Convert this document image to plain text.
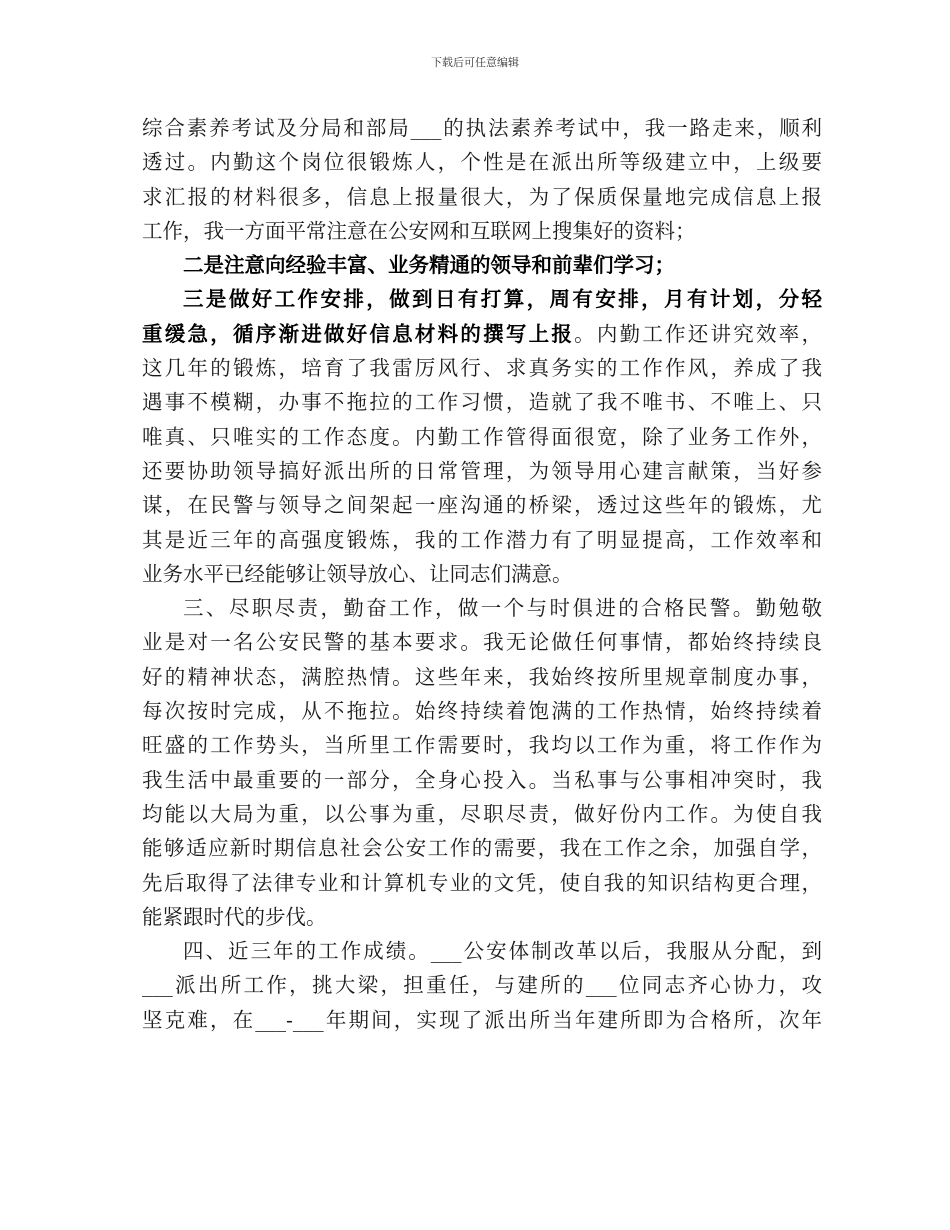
下载后可任意编辑
综合素养考试及分局和部局___的执法素养考试中，我一路走来，顺利
透过。内勤这个岗位很锻炼人，个性是在派出所等级建立中，上级要
求汇报的材料很多，信息上报量很大，为了保质保量地完成信息上报
工作，我一方面平常注意在公安网和互联网上搜集好的资料；
二是注意向经验丰富、业务精通的领导和前辈们学习；
三是做好工作安排，做到日有打算，周有安排，月有计划，分轻
重缓急，循序渐进做好信息材料的撰写上报。内勤工作还讲究效率，
这几年的锻炼，培育了我雷厉风行、求真务实的工作作风，养成了我
遇事不模糊，办事不拖拉的工作习惯，造就了我不唯书、不唯上、只
唯真、只唯实的工作态度。内勤工作管得面很宽，除了业务工作外，
还要协助领导搞好派出所的日常管理，为领导用心建言献策，当好参
谋，在民警与领导之间架起一座沟通的桥梁，透过这些年的锻炼，尤
其是近三年的高强度锻炼，我的工作潜力有了明显提高，工作效率和
业务水平已经能够让领导放心、让同志们满意。
三、尽职尽责，勤奋工作，做一个与时俱进的合格民警。勤勉敬
业是对一名公安民警的基本要求。我无论做任何事情，都始终持续良
好的精神状态，满腔热情。这些年来，我始终按所里规章制度办事，
每次按时完成，从不拖拉。始终持续着饱满的工作热情，始终持续着
旺盛的工作势头，当所里工作需要时，我均以工作为重，将工作作为
我生活中最重要的一部分，全身心投入。当私事与公事相冲突时，我
均能以大局为重，以公事为重，尽职尽责，做好份内工作。为使自我
能够适应新时期信息社会公安工作的需要，我在工作之余，加强自学，
先后取得了法律专业和计算机专业的文凭，使自我的知识结构更合理，
能紧跟时代的步伐。
四、近三年的工作成绩。___公安体制改革以后，我服从分配，到
___派出所工作，挑大梁，担重任，与建所的___位同志齐心协力，攻
坚克难，在___-___年期间，实现了派出所当年建所即为合格所，次年
